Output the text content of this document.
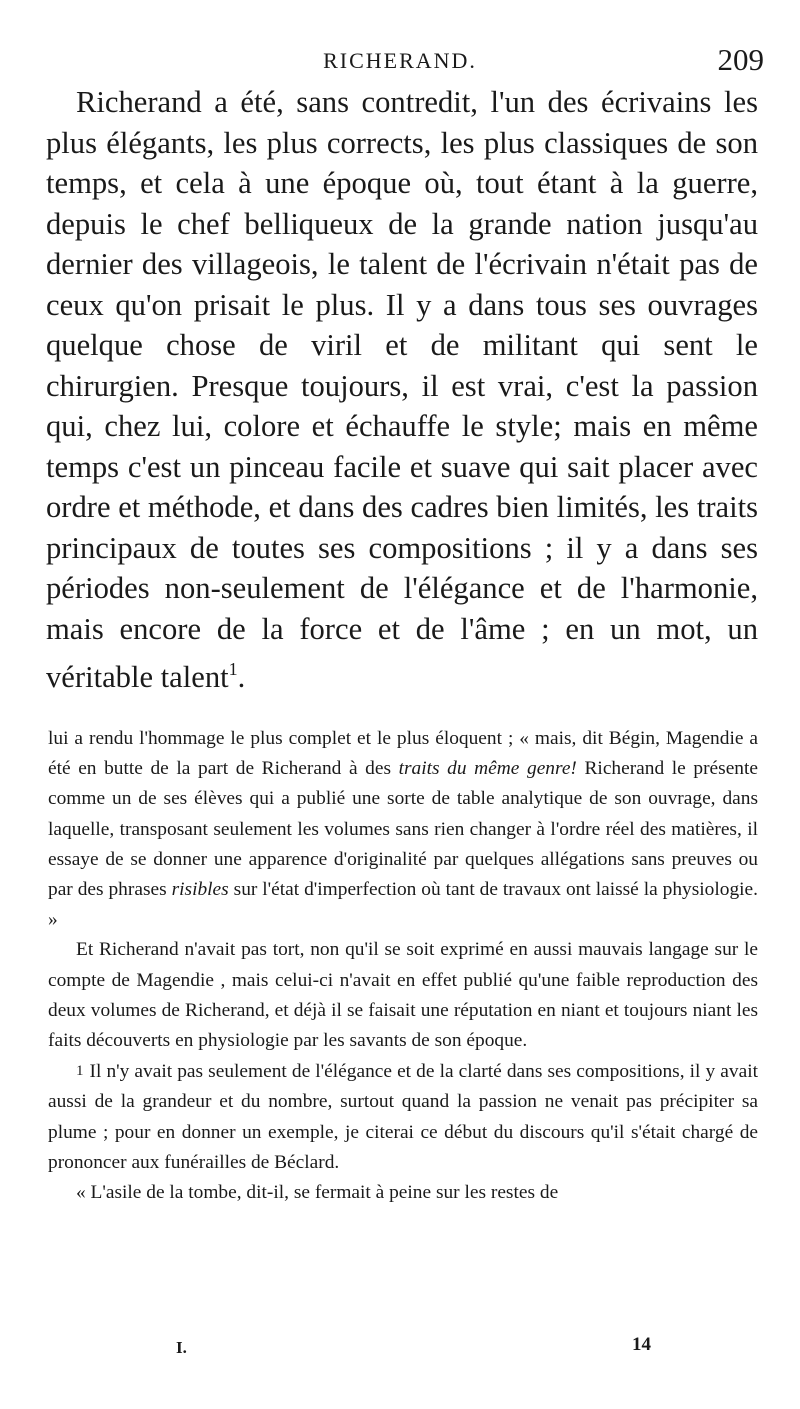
RICHERAND.	209

Richerand a été, sans contredit, l'un des écrivains les plus élégants, les plus corrects, les plus classiques de son temps, et cela à une époque où, tout étant à la guerre, depuis le chef belliqueux de la grande nation jusqu'au dernier des villageois, le talent de l'écrivain n'était pas de ceux qu'on prisait le plus. Il y a dans tous ses ouvrages quelque chose de viril et de militant qui sent le chirurgien. Presque toujours, il est vrai, c'est la passion qui, chez lui, colore et échauffe le style; mais en même temps c'est un pinceau facile et suave qui sait placer avec ordre et méthode, et dans des cadres bien limités, les traits principaux de toutes ses compositions ; il y a dans ses périodes non-seulement de l'élégance et de l'harmonie, mais encore de la force et de l'âme ; en un mot, un véritable talent$^1$.

lui a rendu l'hommage le plus complet et le plus éloquent ; « mais, dit Bégin, Magendie a été en butte de la part de Richerand à des traits du même genre! Richerand le présente comme un de ses élèves qui a publié une sorte de table analytique de son ouvrage, dans laquelle, transposant seulement les volumes sans rien changer à l'ordre réel des matières, il essaye de se donner une apparence d'originalité par quelques allégations sans preuves ou par des phrases risibles sur l'état d'imperfection où tant de travaux ont laissé la physiologie. »

Et Richerand n'avait pas tort, non qu'il se soit exprimé en aussi mauvais langage sur le compte de Magendie , mais celui-ci n'avait en effet publié qu'une faible reproduction des deux volumes de Richerand, et déjà il se faisait une réputation en niant et toujours niant les faits découverts en physiologie par les savants de son époque.

1 Il n'y avait pas seulement de l'élégance et de la clarté dans ses compositions, il y avait aussi de la grandeur et du nombre, surtout quand la passion ne venait pas précipiter sa plume ; pour en donner un exemple, je citerai ce début du discours qu'il s'était chargé de prononcer aux funérailles de Béclard.

« L'asile de la tombe, dit-il, se fermait à peine sur les restes de

I.	14
